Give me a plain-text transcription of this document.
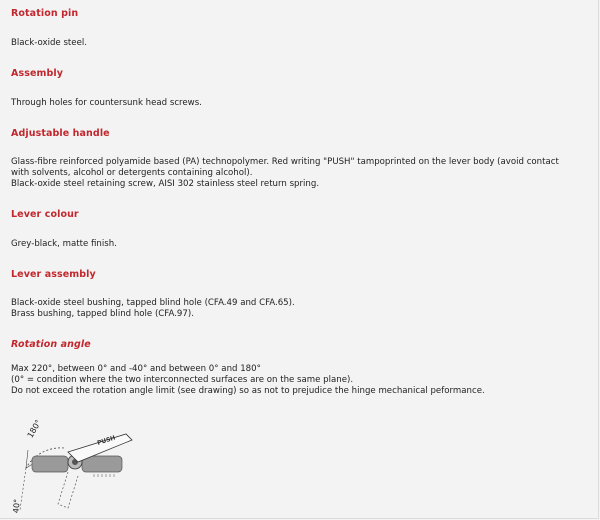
Rotation pin
Black-oxide steel.
Assembly
Through holes for countersunk head screws.
Adjustable handle
Glass-fibre reinforced polyamide based (PA) technopolymer. Red writing "PUSH" tampoprinted on the lever body (avoid contact
with solvents, alcohol or detergents containing alcohol).
Black-oxide steel retaining screw, AISI 302 stainless steel return spring.
Lever colour
Grey-black, matte finish.
Lever assembly
Black-oxide steel bushing, tapped blind hole (CFA.49 and CFA.65).
Brass bushing, tapped blind hole (CFA.97).
Rotation angle
Max 220°, between 0° and -40° and between 0° and 180°
(0° = condition where the two interconnected surfaces are on the same plane).
Do not exceed the rotation angle limit (see drawing) so as not to prejudice the hinge mechanical peformance.
180°
PUSH
40°
